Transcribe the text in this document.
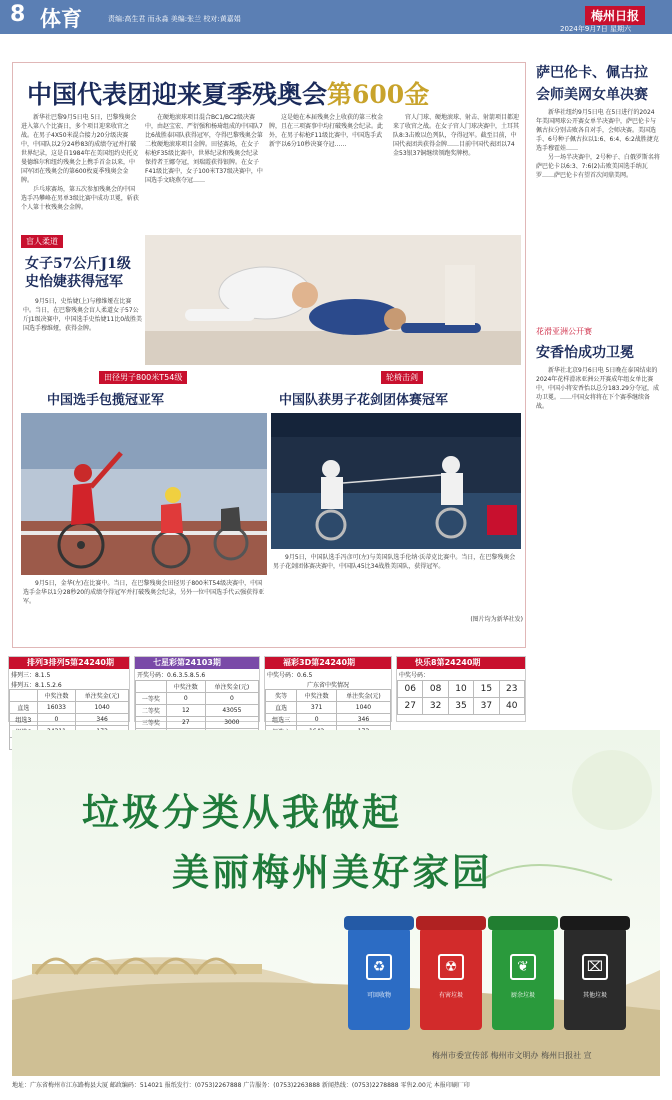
8 体育	责编:高生君 而永淼 美编:张兰 校对:黄嘉娟	梅州日报
2024年9月7日 星期六
中国代表团迎来夏季残奥会第600金

新华社巴黎9月5日电 5日，巴黎残奥会进入第八个比赛日，多个项目迎来收官之战。在男子4X50米混合接力20分级决赛中，中国队以2分24秒83的成绩夺冠并打破世界纪录，这是自1984年在美国纽约史托克曼德维尔和纽约残奥会上携手首金以来，中国军团在残奥会的第600枚夏季残奥会金牌。

乒乓球赛场，第五次参加残奥会的中国选手冯攀峰在男单3级比赛中成功卫冕，斩获个人第十枚残奥会金牌。

在硬地滚球项目混合BC1/BC2级决赛中，由赵宝宏、严衍强和杨琦组成的中国队7比6战胜泰国队获得冠军，夺得巴黎残奥会第二枚硬地滚球项目金牌。田径赛场，在女子标枪F35级比赛中，世界纪录和残奥会纪录保持者王娜夺冠，刘瑞霞获得银牌。在女子F41级比赛中，女子100米T37级决赛中，中国选手文晓燕夺冠……

这是她在本届残奥会上收获的第三枚金牌，且在三项赛事中均打破残奥会纪录。此外，在男子标枪F11级比赛中，中国选手武新宇以6分10秒决赛夺冠……

官人门球、硬地滚球、射击、射箭项目都迎来了收官之战。在女子官人门球决赛中，土耳其队8:3击败以色列队，夺得冠军。截至目前，中国代表团共获得金牌……目前中国代表团以74金53银37铜继续领跑奖牌榜。

盲人柔道
女子57公斤J1级
史怡婕获得冠军

9月5日，史怡婕(上)与穆维娅在比赛中。当日，在巴黎残奥会盲人柔道女子57公斤J1级决赛中，中国选手史怡婕11比0战胜美国选手穆维娅，获得金牌。

田径男子800米T54级
中国选手包揽冠亚军

9月5日，金华(左)在比赛中。当日，在巴黎残奥会田径男子800米T54级决赛中，中国选手金华以1分28秒20的成绩夺得冠军并打破残奥会纪录，另外一位中国选手代云强获得亚军。

轮椅击剑
中国队获男子花剑团体赛冠军

9月5日，中国队选手冯彦可(左)与美国队选手伦纳·沃蒂克比赛中。当日，在巴黎残奥会男子花剑团体赛决赛中，中国队45比34战胜美国队，获得冠军。

(图片均为新华社发)
萨巴伦卡、佩古拉
会师美网女单决赛

新华社纽约9月5日电 在5日进行的2024年美国网球公开赛女单半决赛中，萨巴伦卡与佩古拉分别击败各自对手，会师决赛。美国选手、6号种子佩古拉以1:6、6:4、6:2战胜捷克选手穆霍娃……

另一场半决赛中，2号种子、白俄罗斯名将萨巴伦卡以6:3、7:6(2)击败美国选手纳瓦罗……萨巴伦卡有望首次问鼎美网。

花滑亚洲公开赛
安香怡成功卫冕

新华社北京9月6日电 5日晚在泰国结束的2024年花样滑冰亚洲公开赛成年组女单比赛中，中国小将安香怡以总分183.29分夺冠，成功卫冕。……中国女将将在下个赛季继续备战。

排列3排列5第24240期
排列三：8.1.5
排列五：8.1.5.2.6
	中奖注数	单注奖金(元)
直选	16033	1040
组选3	0	346

七星彩第24103期
开奖号码：0.6.3.5.8.5.6
	中奖注数	单注奖金(元)
一等奖	0	0
二等奖	12	43055
三等奖	27	3000

福彩3D第24240期
中奖号码：0.6.5
广东省中奖情况
奖等	中奖注数	单注奖金(元)
直选	371	1040
组选三	0	346

快乐8第24240期
中奖号码：
06	08	10	15	23
27	32	35	37	40
垃圾分类从我做起
美丽梅州美好家园
♻
可回收物
☢
有害垃圾
❦
厨余垃圾
⌧
其他垃圾
梅州市委宣传部 梅州市文明办 梅州日报社 宣
地址：广东省梅州市江东路梅县大厦 邮政编码：514021 报纸发行：(0753)2267888 广告服务：(0753)2263888 新闻热线：(0753)2278888 零售2.00元 本报印刷厂印
